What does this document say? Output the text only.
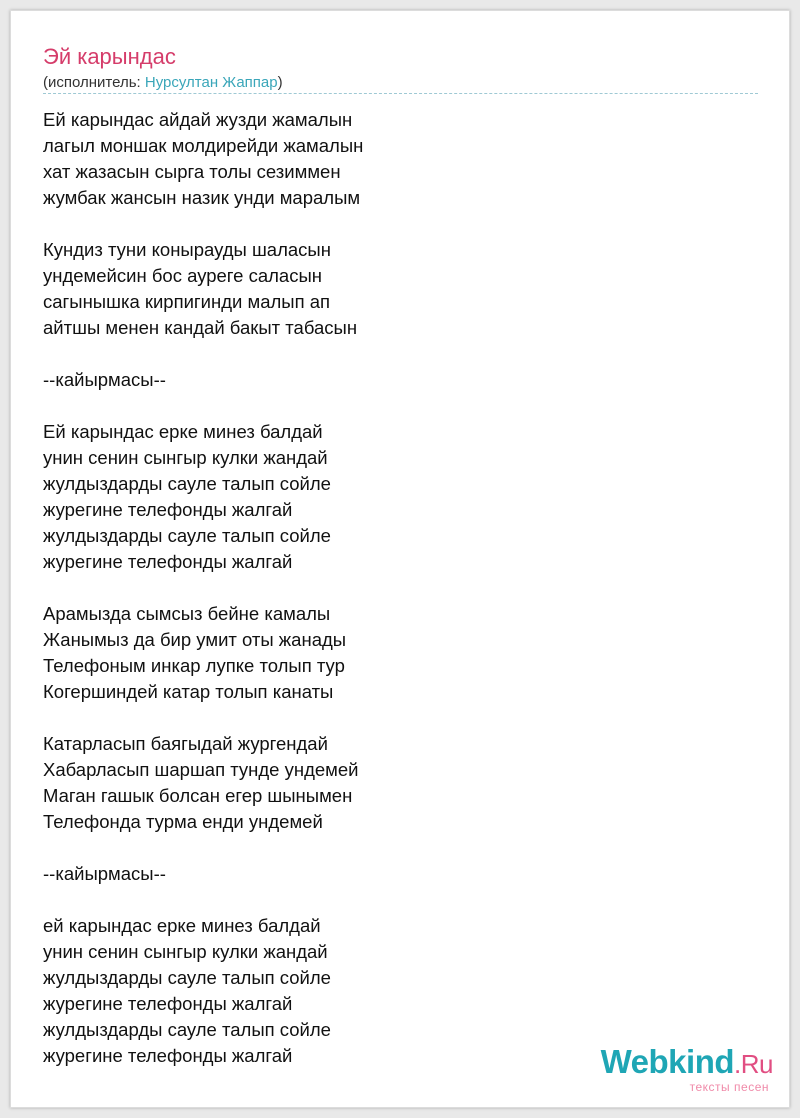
Эй карындас
(исполнитель: Нурсултан Жаппар)
Ей карындас айдай жузди жамалын
лагыл моншак молдирейди жамалын
хат жазасын сырга толы сезиммен
жумбак жансын назик унди маралым
Кундиз туни конырауды шаласын
ундемейсин бос ауреге саласын
сагынышка кирпигинди малып ап
айтшы менен кандай бакыт табасын
--кайырмасы--
Ей карындас ерке минез балдай
унин сенин сынгыр кулки жандай
жулдыздарды сауле талып сойле
журегине телефонды жалгай
жулдыздарды сауле талып сойле
журегине телефонды жалгай
Арамызда сымсыз бейне камалы
Жанымыз да бир умит оты жанады
Телефоным инкар лупке толып тур
Когершиндей катар толып канаты
Катарласып баягыдай жургендай
Хабарласып шаршап тунде ундемей
Маган гашык болсан егер шынымен
Телефонда турма енди ундемей
--кайырмасы--
ей карындас ерке минез балдай
унин сенин сынгыр кулки жандай
жулдыздарды сауле талып сойле
журегине телефонды жалгай
жулдыздарды сауле талып сойле
журегине телефонды жалгай	Webkind.Ru
тексты песен
